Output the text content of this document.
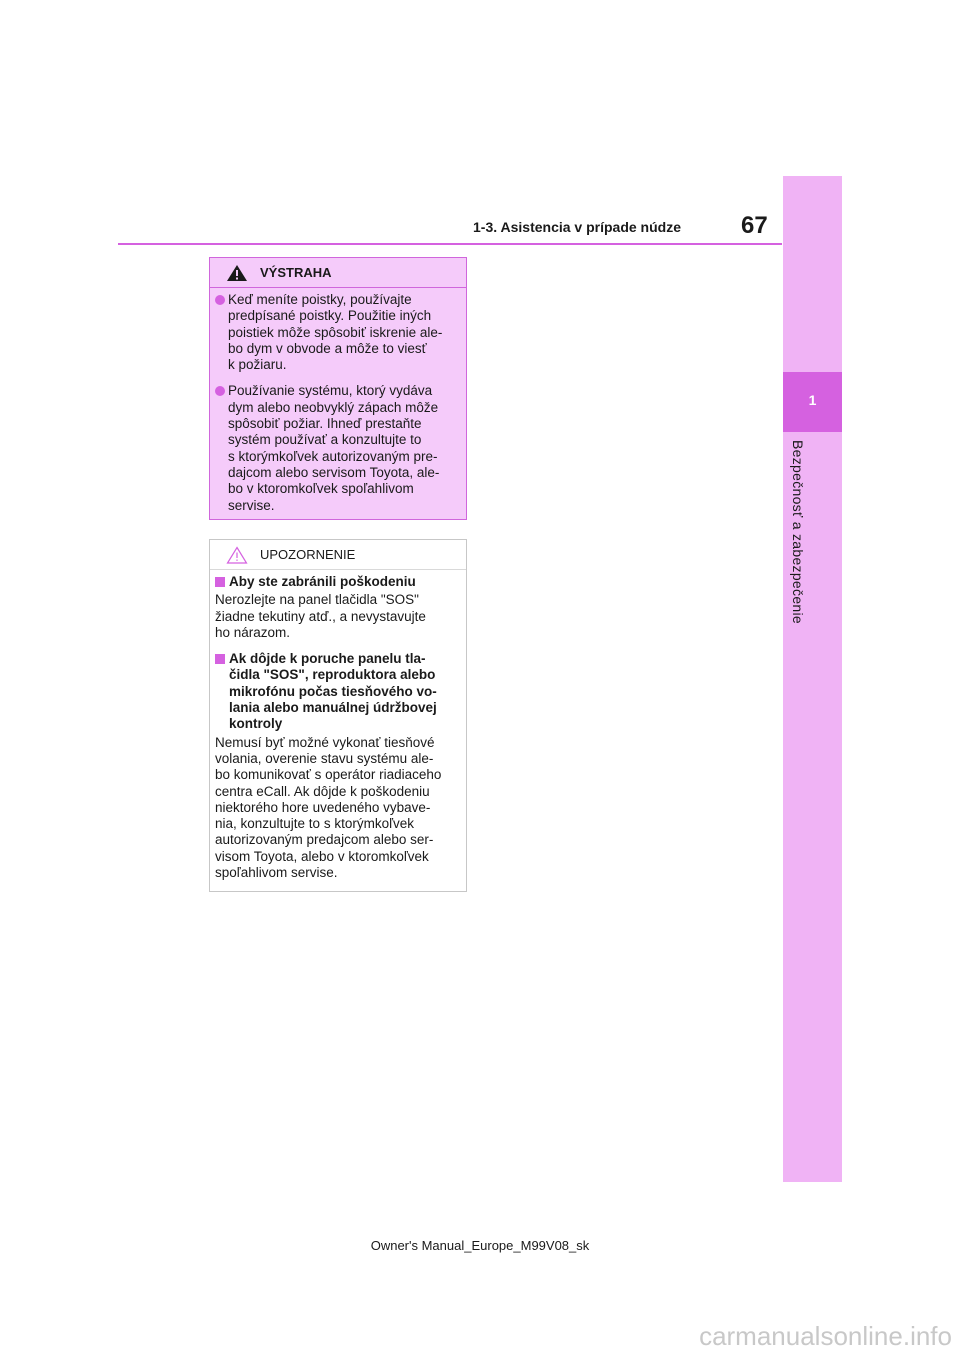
1
Bezpečnosť a zabezpečenie
1-3. Asistencia v prípade núdze	67
VÝSTRAHA
Keď meníte poistky, používajte
predpísané poistky. Použitie iných
poistiek môže spôsobiť iskrenie ale-
bo dym v obvode a môže to viesť
k požiaru.
Používanie systému, ktorý vydáva
dym alebo neobvyklý zápach môže
spôsobiť požiar. Ihneď prestaňte
systém používať a konzultujte to
s ktorýmkoľvek autorizovaným pre-
dajcom alebo servisom Toyota, ale-
bo v ktoromkoľvek spoľahlivom
servise.
UPOZORNENIE
Aby ste zabránili poškodeniu
Nerozlejte na panel tlačidla "SOS"
žiadne tekutiny atď., a nevystavujte
ho nárazom.
Ak dôjde k poruche panelu tla-
čidla "SOS", reproduktora alebo
mikrofónu počas tiesňového vo-
lania alebo manuálnej údržbovej
kontroly
Nemusí byť možné vykonať tiesňové
volania, overenie stavu systému ale-
bo komunikovať s operátor riadiaceho
centra eCall. Ak dôjde k poškodeniu
niektorého hore uvedeného vybave-
nia, konzultujte to s ktorýmkoľvek
autorizovaným predajcom alebo ser-
visom Toyota, alebo v ktoromkoľvek
spoľahlivom servise.
Owner's Manual_Europe_M99V08_sk
carmanualsonline.info
